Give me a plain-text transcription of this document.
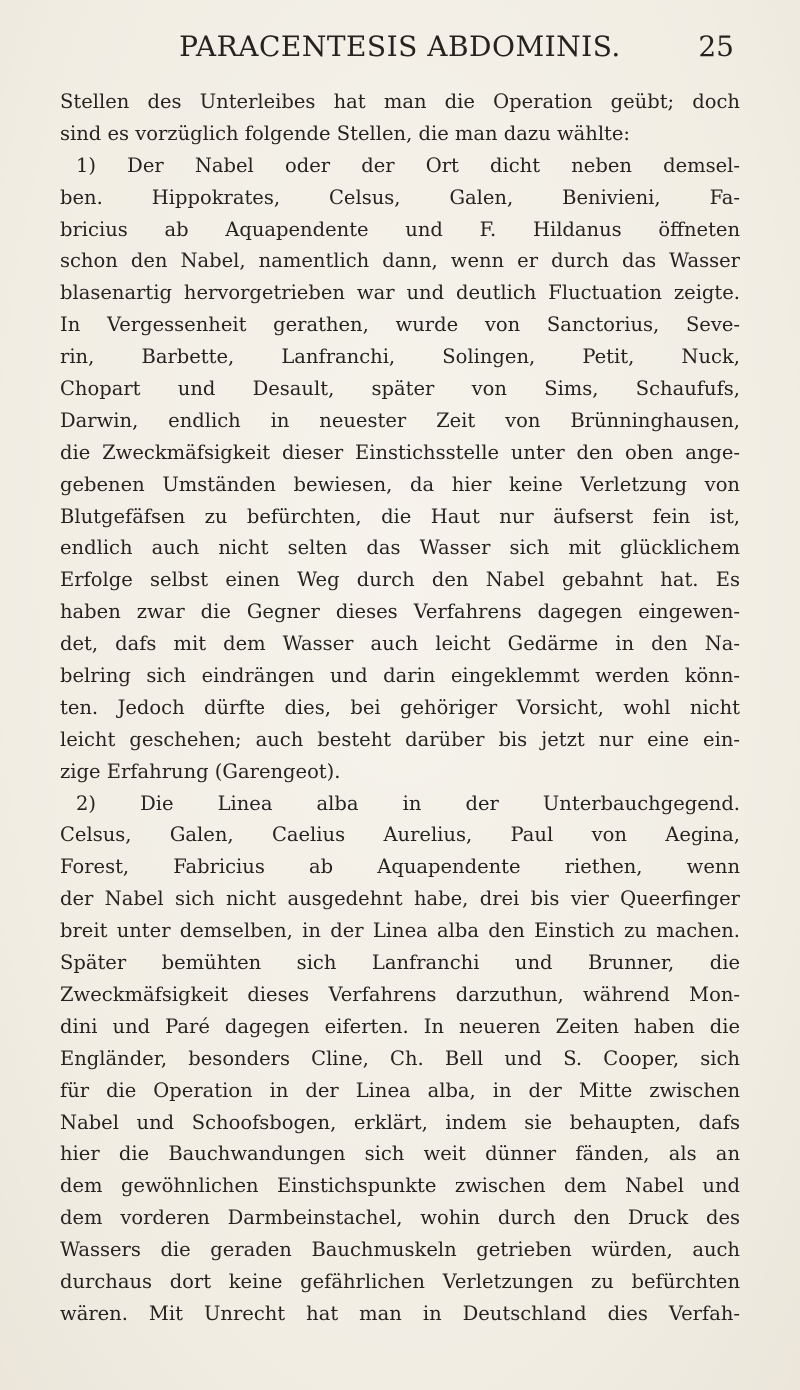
PARACENTESIS ABDOMINIS.	25
Stellen des Unterleibes hat man die Operation geübt; doch
sind es vorzüglich folgende Stellen, die man dazu wählte:
1) Der Nabel oder der Ort dicht neben demsel-
ben. Hippokrates, Celsus, Galen, Benivieni, Fa-
bricius ab Aquapendente und F. Hildanus öffneten
schon den Nabel, namentlich dann, wenn er durch das Wasser
blasenartig hervorgetrieben war und deutlich Fluctuation zeigte.
In Vergessenheit gerathen, wurde von Sanctorius, Seve-
rin, Barbette, Lanfranchi, Solingen, Petit, Nuck,
Chopart und Desault, später von Sims, Schaufufs,
Darwin, endlich in neuester Zeit von Brünninghausen,
die Zweckmäfsigkeit dieser Einstichsstelle unter den oben ange-
gebenen Umständen bewiesen, da hier keine Verletzung von
Blutgefäfsen zu befürchten, die Haut nur äufserst fein ist,
endlich auch nicht selten das Wasser sich mit glücklichem
Erfolge selbst einen Weg durch den Nabel gebahnt hat. Es
haben zwar die Gegner dieses Verfahrens dagegen eingewen-
det, dafs mit dem Wasser auch leicht Gedärme in den Na-
belring sich eindrängen und darin eingeklemmt werden könn-
ten. Jedoch dürfte dies, bei gehöriger Vorsicht, wohl nicht
leicht geschehen; auch besteht darüber bis jetzt nur eine ein-
zige Erfahrung (Garengeot).
2) Die Linea alba in der Unterbauchgegend.
Celsus, Galen, Caelius Aurelius, Paul von Aegina,
Forest, Fabricius ab Aquapendente riethen, wenn
der Nabel sich nicht ausgedehnt habe, drei bis vier Queerfinger
breit unter demselben, in der Linea alba den Einstich zu machen.
Später bemühten sich Lanfranchi und Brunner, die
Zweckmäfsigkeit dieses Verfahrens darzuthun, während Mon-
dini und Paré dagegen eiferten. In neueren Zeiten haben die
Engländer, besonders Cline, Ch. Bell und S. Cooper, sich
für die Operation in der Linea alba, in der Mitte zwischen
Nabel und Schoofsbogen, erklärt, indem sie behaupten, dafs
hier die Bauchwandungen sich weit dünner fänden, als an
dem gewöhnlichen Einstichspunkte zwischen dem Nabel und
dem vorderen Darmbeinstachel, wohin durch den Druck des
Wassers die geraden Bauchmuskeln getrieben würden, auch
durchaus dort keine gefährlichen Verletzungen zu befürchten
wären. Mit Unrecht hat man in Deutschland dies Verfah-
